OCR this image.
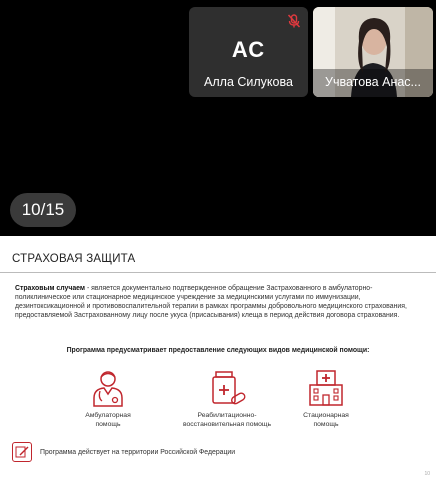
АС
Алла Силукова	Учватова Анас...
10/15
СТРАХОВАЯ ЗАЩИТА
Страховым случаем - является документально подтвержденное обращение Застрахованного в амбулаторно-поликлиническое или стационарное медицинское учреждение за медицинскими услугами по иммунизации, дезинтоксикационной и противовоспалительной терапии в рамках программы добровольного медицинского страхования, предоставляемой Застрахованному лицу после укуса (присасывания) клеща в период действия договора страхования.
Программа предусматривает предоставление следующих видов медицинской помощи:
Амбулаторная
помощь
Реабилитационно-
восстановительная помощь
Стационарная
помощь
Программа действует на территории Российской Федерации
10
